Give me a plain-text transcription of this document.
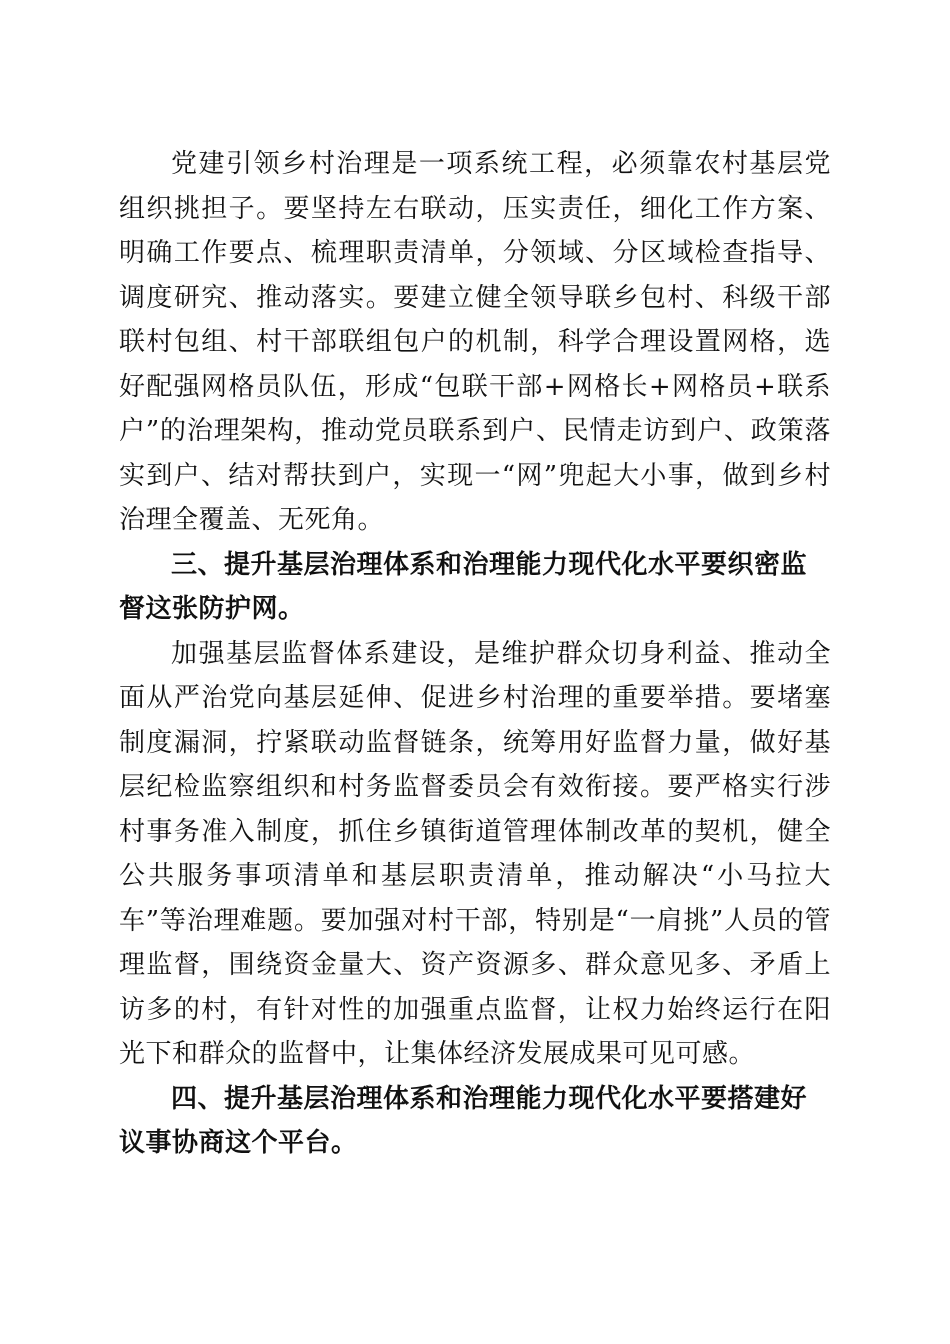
党建引领乡村治理是一项系统工程，必须靠农村基层党组织挑担子。要坚持左右联动，压实责任，细化工作方案、明确工作要点、梳理职责清单，分领域、分区域检查指导、调度研究、推动落实。要建立健全领导联乡包村、科级干部联村包组、村干部联组包户的机制，科学合理设置网格，选好配强网格员队伍，形成“包联干部+网格长+网格员+联系户”的治理架构，推动党员联系到户、民情走访到户、政策落实到户、结对帮扶到户，实现一“网”兜起大小事，做到乡村治理全覆盖、无死角。

三、提升基层治理体系和治理能力现代化水平要织密监督这张防护网。

加强基层监督体系建设，是维护群众切身利益、推动全面从严治党向基层延伸、促进乡村治理的重要举措。要堵塞制度漏洞，拧紧联动监督链条，统筹用好监督力量，做好基层纪检监察组织和村务监督委员会有效衔接。要严格实行涉村事务准入制度，抓住乡镇街道管理体制改革的契机，健全公共服务事项清单和基层职责清单，推动解决“小马拉大车”等治理难题。要加强对村干部，特别是“一肩挑”人员的管理监督，围绕资金量大、资产资源多、群众意见多、矛盾上访多的村，有针对性的加强重点监督，让权力始终运行在阳光下和群众的监督中，让集体经济发展成果可见可感。

四、提升基层治理体系和治理能力现代化水平要搭建好议事协商这个平台。
